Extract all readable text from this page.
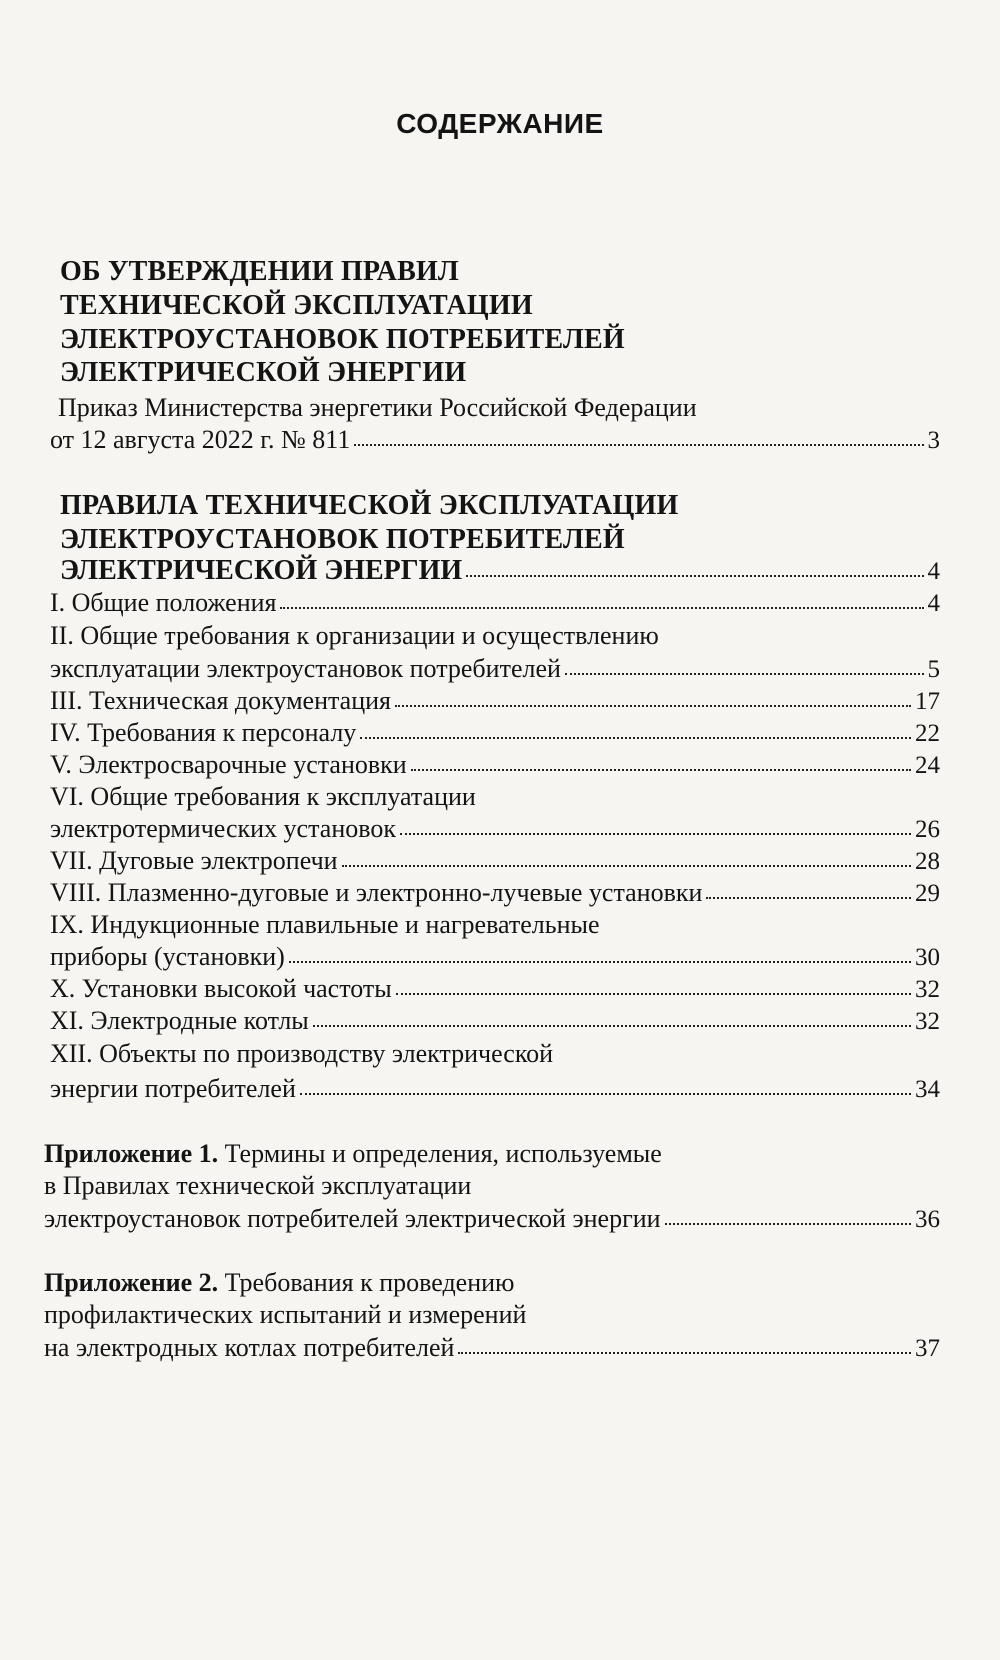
СОДЕРЖАНИЕ
ОБ УТВЕРЖДЕНИИ ПРАВИЛ
ТЕХНИЧЕСКОЙ ЭКСПЛУАТАЦИИ
ЭЛЕКТРОУСТАНОВОК ПОТРЕБИТЕЛЕЙ
ЭЛЕКТРИЧЕСКОЙ ЭНЕРГИИ
Приказ Министерства энергетики Российской Федерации
от 12 августа 2022 г. № 811	3
ПРАВИЛА ТЕХНИЧЕСКОЙ ЭКСПЛУАТАЦИИ
ЭЛЕКТРОУСТАНОВОК ПОТРЕБИТЕЛЕЙ
ЭЛЕКТРИЧЕСКОЙ ЭНЕРГИИ	4
I. Общие положения	4
II. Общие требования к организации и осуществлению
эксплуатации электроустановок потребителей	5
III. Техническая документация	17
IV. Требования к персоналу	22
V. Электросварочные установки	24
VI. Общие требования к эксплуатации
электротермических установок	26
VII. Дуговые электропечи	28
VIII. Плазменно-дуговые и электронно-лучевые установки	29
IX. Индукционные плавильные и нагревательные
приборы (установки)	30
X. Установки высокой частоты	32
XI. Электродные котлы	32
XII. Объекты по производству электрической
энергии потребителей	34
Приложение 1. Термины и определения, используемые
в Правилах технической эксплуатации
электроустановок потребителей электрической энергии	36
Приложение 2. Требования к проведению
профилактических испытаний и измерений
на электродных котлах потребителей	37
